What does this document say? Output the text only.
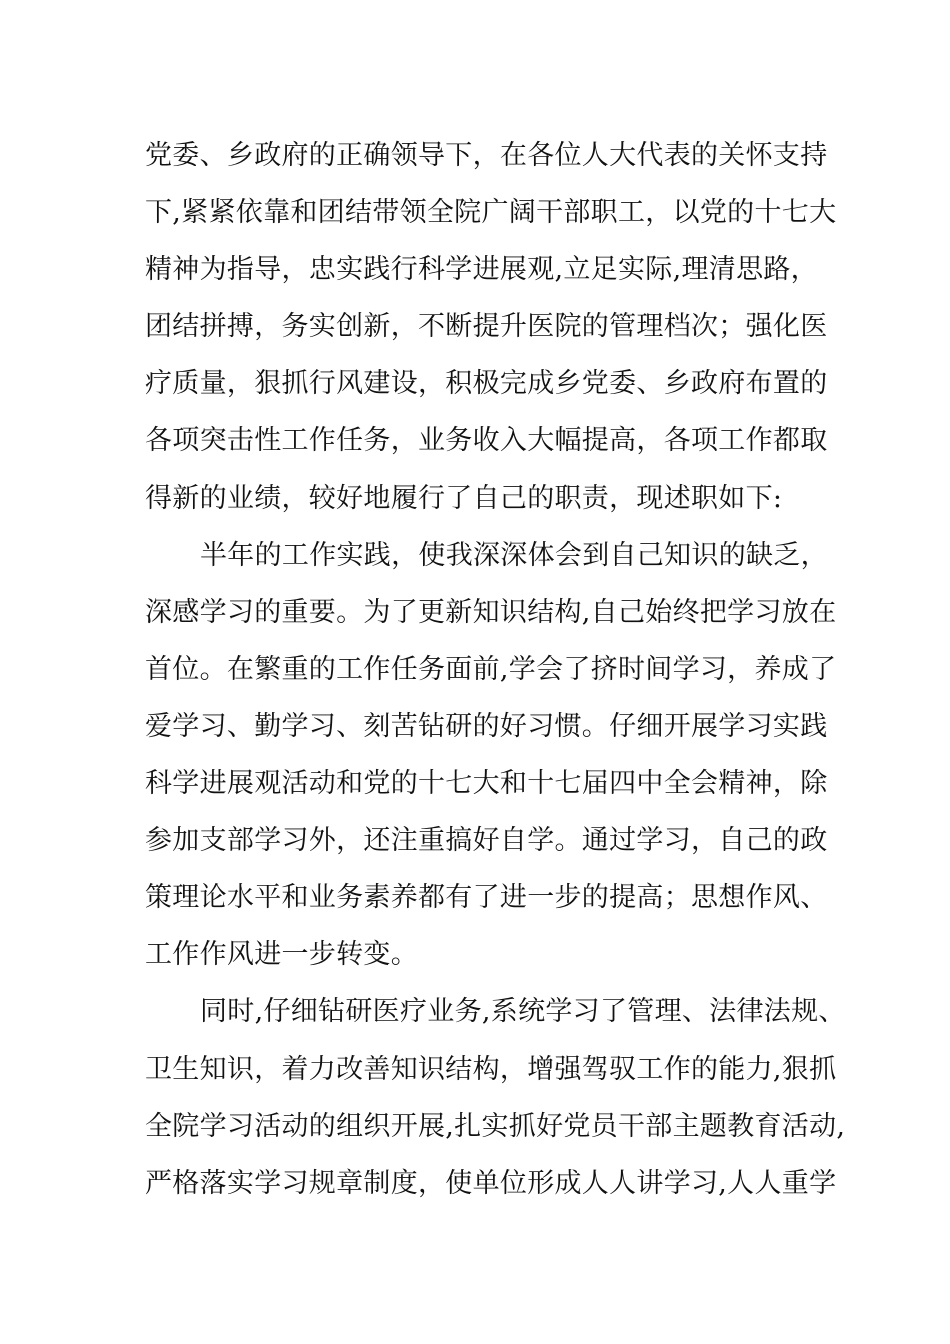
党委、乡政府的正确领导下，在各位人大代表的关怀支持
下,紧紧依靠和团结带领全院广阔干部职工，以党的十七大
精神为指导，忠实践行科学进展观,立足实际,理清思路，
团结拼搏，务实创新，不断提升医院的管理档次；强化医
疗质量，狠抓行风建设，积极完成乡党委、乡政府布置的
各项突击性工作任务，业务收入大幅提高，各项工作都取
得新的业绩，较好地履行了自己的职责，现述职如下:
半年的工作实践，使我深深体会到自己知识的缺乏，
深感学习的重要。为了更新知识结构,自己始终把学习放在
首位。在繁重的工作任务面前,学会了挤时间学习，养成了
爱学习、勤学习、刻苦钻研的好习惯。仔细开展学习实践
科学进展观活动和党的十七大和十七届四中全会精神，除
参加支部学习外，还注重搞好自学。通过学习，自己的政
策理论水平和业务素养都有了进一步的提高；思想作风、
工作作风进一步转变。
同时,仔细钻研医疗业务,系统学习了管理、法律法规、
卫生知识，着力改善知识结构，增强驾驭工作的能力,狠抓
全院学习活动的组织开展,扎实抓好党员干部主题教育活动,
严格落实学习规章制度，使单位形成人人讲学习,人人重学
